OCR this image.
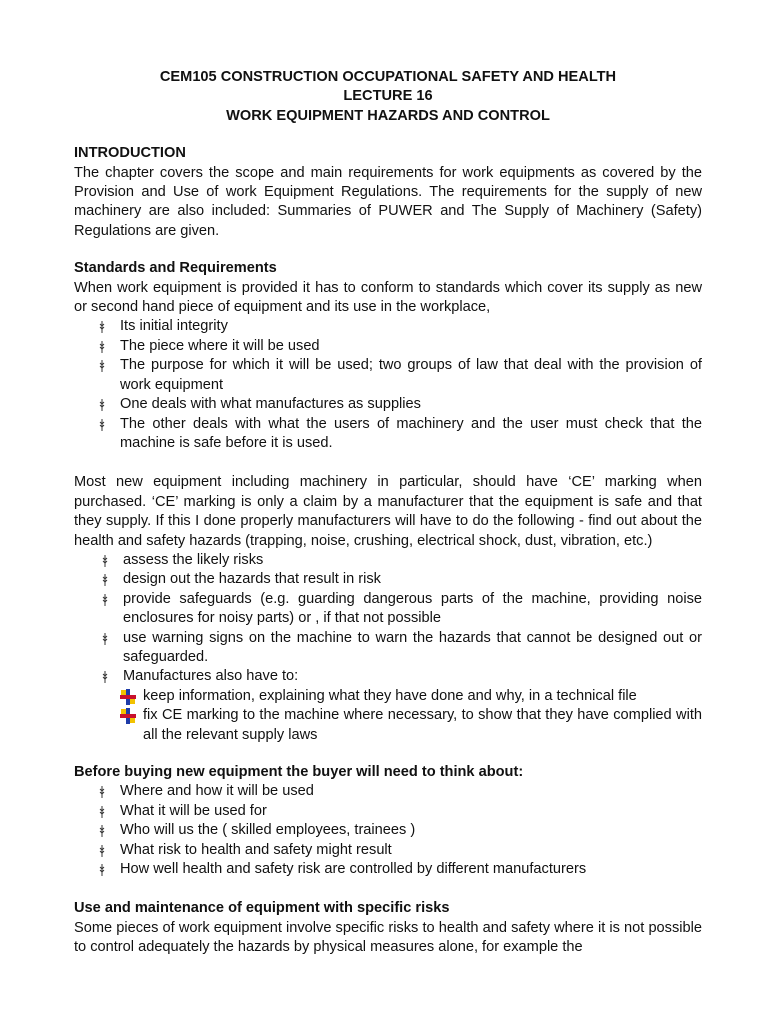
CEM105 CONSTRUCTION OCCUPATIONAL SAFETY AND HEALTH

LECTURE 16

WORK EQUIPMENT HAZARDS AND CONTROL

INTRODUCTION

The chapter covers the scope and main requirements for work equipments as covered by the Provision and Use of work Equipment Regulations. The requirements for the supply of new machinery are also included: Summaries of PUWER and The Supply of Machinery (Safety) Regulations are given.

Standards and Requirements

When work equipment is provided it has to conform to standards which cover its supply as new or second hand piece of equipment and its use in the workplace,

Its initial integrity
The piece where it will be used
The purpose for which it will be used; two groups of law that deal with the provision of work equipment
One deals with what manufactures as supplies
The other deals with what the users of machinery and the user must check that the machine is safe before it is used.

Most new equipment including machinery in particular, should have ‘CE’ marking when purchased. ‘CE’ marking is only a claim by a manufacturer that the equipment is safe and that they supply. If this I done properly manufacturers will have to do the following - find out about the health and safety hazards (trapping, noise, crushing, electrical shock, dust, vibration, etc.)

assess the likely risks
design out the hazards that result in risk
provide safeguards (e.g. guarding dangerous parts of the machine, providing noise enclosures for noisy parts) or , if that not possible
use warning signs on the machine to warn the hazards that cannot be designed out or safeguarded.
Manufactures also have to:
keep information, explaining what they have done and why, in a technical file
fix CE marking to the machine where necessary, to show that they have complied with all the relevant supply laws
Before buying new equipment the buyer will need to think about:
Where and how it will be used
What it will be used for
Who will us the ( skilled employees, trainees )
What risk to health and safety might result
How well health and safety risk are controlled by different manufacturers
Use and maintenance of equipment with specific risks

Some pieces of work equipment involve specific risks to health and safety where it is not possible to control adequately the hazards by physical measures alone, for example the
